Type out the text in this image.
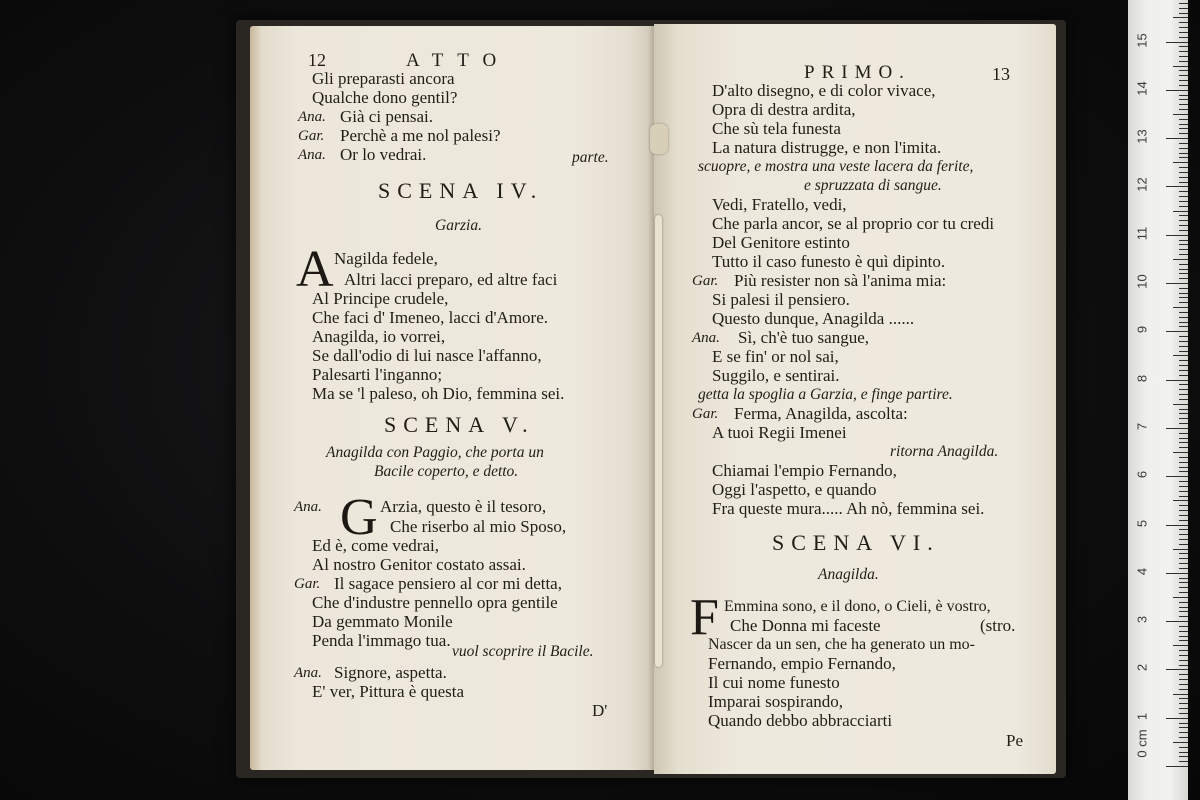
12	ATTO
Gli preparasti ancora
Qualche dono gentil?
Ana. Già ci pensai.
Gar. Perchè a me nol palesi?
Ana. Or lo vedrai.	parte.
SCENA IV.
Garzia.
A Nagilda fedele,
Altri lacci preparo, ed altre faci
Al Principe crudele,
Che faci d' Imeneo, lacci d'Amore.
Anagilda, io vorrei,
Se dall'odio di lui nasce l'affanno,
Palesarti l'inganno;
Ma se 'l paleso, oh Dio, femmina sei.
SCENA V.
Anagilda con Paggio, che porta un
Bacile coperto, e detto.
Ana. G Arzia, questo è il tesoro,
Che riserbo al mio Sposo,
Ed è, come vedrai,
Al nostro Genitor costato assai.
Gar. Il sagace pensiero al cor mi detta,
Che d'industre pennello opra gentile
Da gemmato Monile
Penda l'immago tua.
vuol scoprire il Bacile.
Ana. Signore, aspetta.
E' ver, Pittura è questa
D'
PRIMO.	13
D'alto disegno, e di color vivace,
Opra di destra ardita,
Che sù tela funesta
La natura distrugge, e non l'imita.
scuopre, e mostra una veste lacera da ferite,
e spruzzata di sangue.
Vedi, Fratello, vedi,
Che parla ancor, se al proprio cor tu credi
Del Genitore estinto
Tutto il caso funesto è quì dipinto.
Gar. Più resister non sà l'anima mia:
Si palesi il pensiero.
Questo dunque, Anagilda ......
Ana. Sì, ch'è tuo sangue,
E se fin' or nol sai,
Suggilo, e sentirai.
getta la spoglia a Garzia, e finge partire.
Gar. Ferma, Anagilda, ascolta:
A tuoi Regii Imenei
ritorna Anagilda.
Chiamai l'empio Fernando,
Oggi l'aspetto, e quando
Fra queste mura..... Ah nò, femmina sei.
SCENA VI.
Anagilda.
F Emmina sono, e il dono, o Cieli, è vostro,
Che Donna mi faceste	(stro.
Nascer da un sen, che ha generato un mo-
Fernando, empio Fernando,
Il cui nome funesto
Imparai sospirando,
Quando debbo abbracciarti
Pe	0 cm
1
2
3
4
5
6
7
8
9
10
11
12
13
14
15
